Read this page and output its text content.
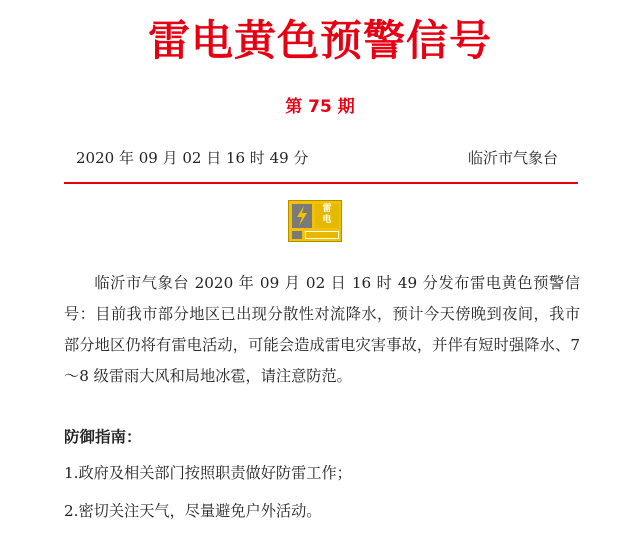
雷电黄色预警信号
第 75 期
2020 年 09 月 02 日 16 时 49 分	临沂市气象台
雷
电
临沂市气象台 2020 年 09 月 02 日 16 时 49 分发布雷电黄色预警信号：目前我市部分地区已出现分散性对流降水，预计今天傍晚到夜间，我市部分地区仍将有雷电活动，可能会造成雷电灾害事故，并伴有短时强降水、7～8 级雷雨大风和局地冰雹，请注意防范。
防御指南：
1.政府及相关部门按照职责做好防雷工作；
2.密切关注天气，尽量避免户外活动。
